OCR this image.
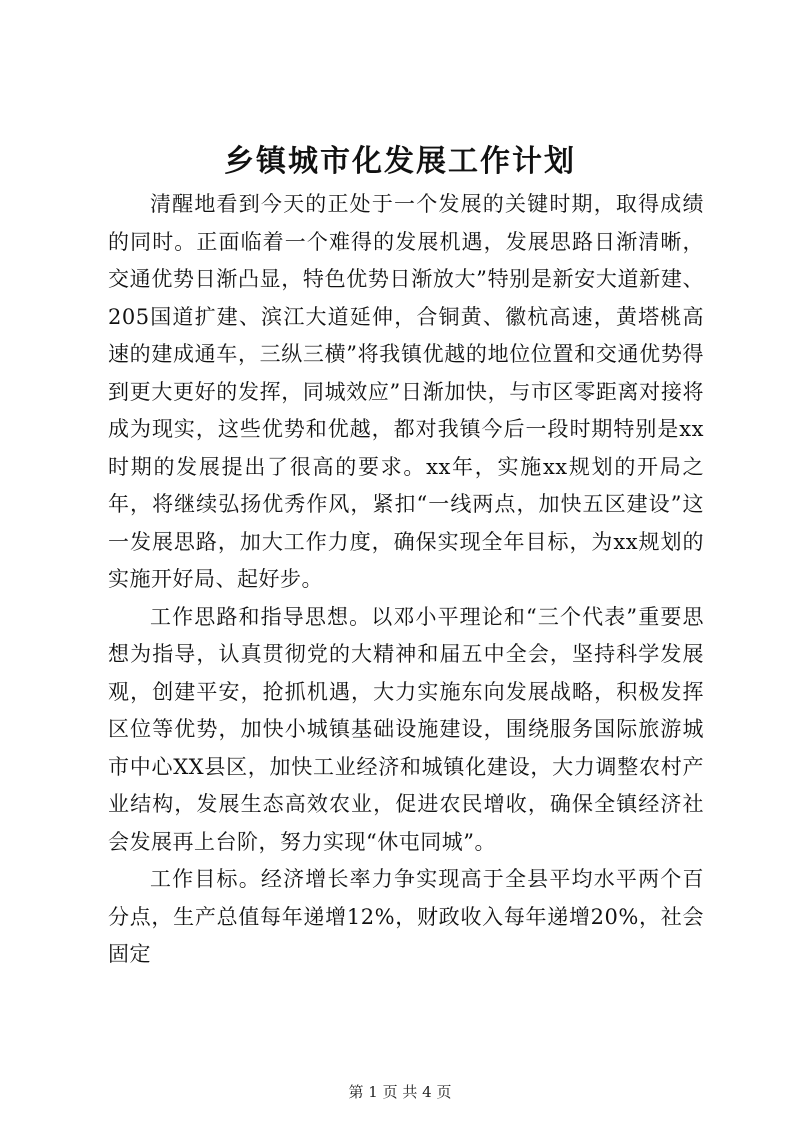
乡镇城市化发展工作计划

清醒地看到今天的正处于一个发展的关键时期，取得成绩的同时。正面临着一个难得的发展机遇，发展思路日渐清晰，交通优势日渐凸显，特色优势日渐放大”特别是新安大道新建、205国道扩建、滨江大道延伸，合铜黄、徽杭高速，黄塔桃高速的建成通车，三纵三横”将我镇优越的地位位置和交通优势得到更大更好的发挥，同城效应”日渐加快，与市区零距离对接将成为现实，这些优势和优越，都对我镇今后一段时期特别是xx时期的发展提出了很高的要求。xx年，实施xx规划的开局之年，将继续弘扬优秀作风，紧扣“一线两点，加快五区建设”这一发展思路，加大工作力度，确保实现全年目标，为xx规划的实施开好局、起好步。

工作思路和指导思想。以邓小平理论和“三个代表”重要思想为指导，认真贯彻党的大精神和届五中全会，坚持科学发展观，创建平安，抢抓机遇，大力实施东向发展战略，积极发挥区位等优势，加快小城镇基础设施建设，围绕服务国际旅游城市中心XX县区，加快工业经济和城镇化建设，大力调整农村产业结构，发展生态高效农业，促进农民增收，确保全镇经济社会发展再上台阶，努力实现“休屯同城”。

工作目标。经济增长率力争实现高于全县平均水平两个百分点，生产总值每年递增12%，财政收入每年递增20%，社会固定

第 1 页 共 4 页
